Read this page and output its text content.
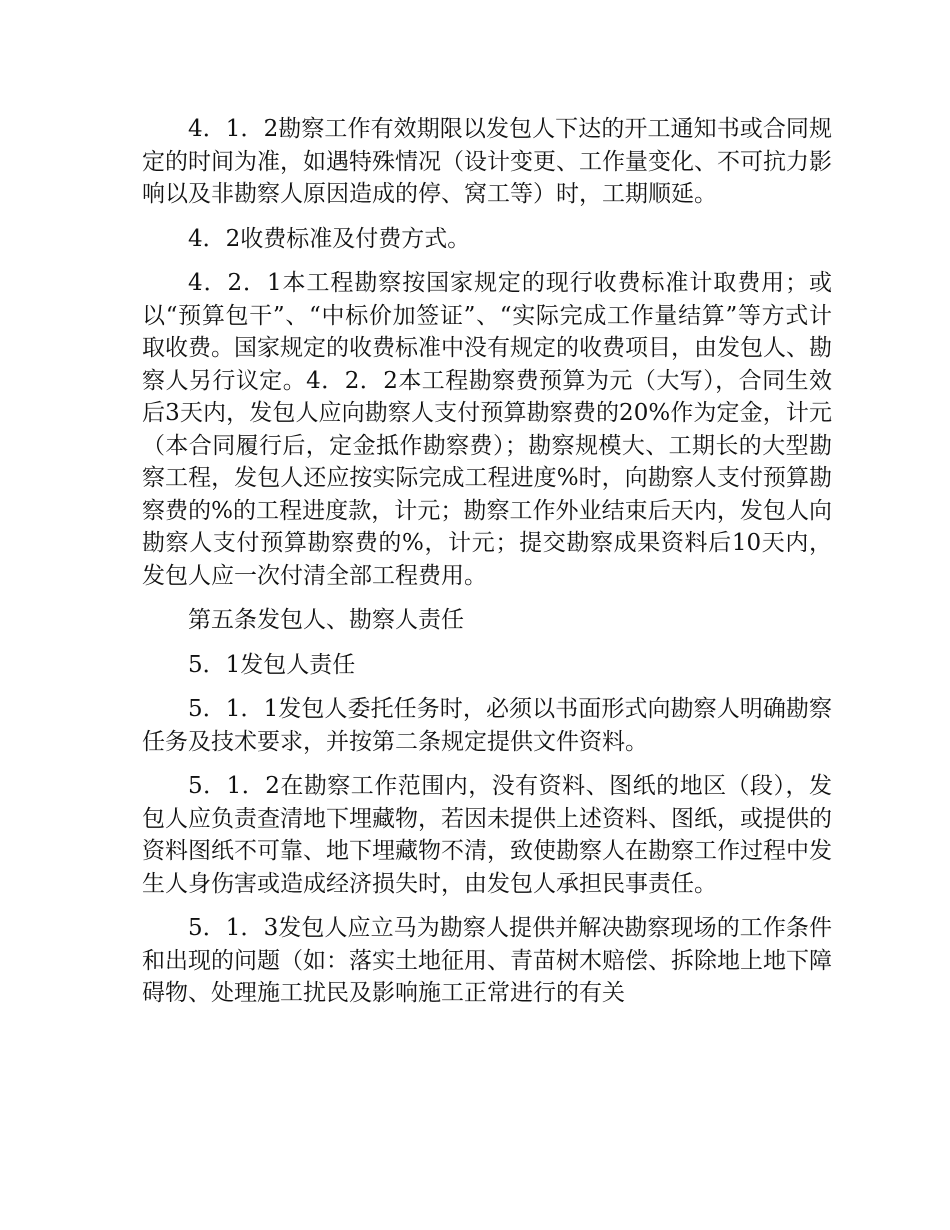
4．1．2勘察工作有效期限以发包人下达的开工通知书或合同规定的时间为准，如遇特殊情况（设计变更、工作量变化、不可抗力影响以及非勘察人原因造成的停、窝工等）时，工期顺延。

4．2收费标准及付费方式。

4．2．1本工程勘察按国家规定的现行收费标准计取费用；或以“预算包干”、“中标价加签证”、“实际完成工作量结算”等方式计取收费。国家规定的收费标准中没有规定的收费项目，由发包人、勘察人另行议定。4．2．2本工程勘察费预算为元（大写），合同生效后3天内，发包人应向勘察人支付预算勘察费的20%作为定金，计元（本合同履行后，定金抵作勘察费）；勘察规模大、工期长的大型勘察工程，发包人还应按实际完成工程进度%时，向勘察人支付预算勘察费的%的工程进度款，计元；勘察工作外业结束后天内，发包人向勘察人支付预算勘察费的%，计元；提交勘察成果资料后10天内，发包人应一次付清全部工程费用。

第五条发包人、勘察人责任

5．1发包人责任

5．1．1发包人委托任务时，必须以书面形式向勘察人明确勘察任务及技术要求，并按第二条规定提供文件资料。

5．1．2在勘察工作范围内，没有资料、图纸的地区（段），发包人应负责查清地下埋藏物，若因未提供上述资料、图纸，或提供的资料图纸不可靠、地下埋藏物不清，致使勘察人在勘察工作过程中发生人身伤害或造成经济损失时，由发包人承担民事责任。

5．1．3发包人应立马为勘察人提供并解决勘察现场的工作条件和出现的问题（如：落实土地征用、青苗树木赔偿、拆除地上地下障碍物、处理施工扰民及影响施工正常进行的有关
